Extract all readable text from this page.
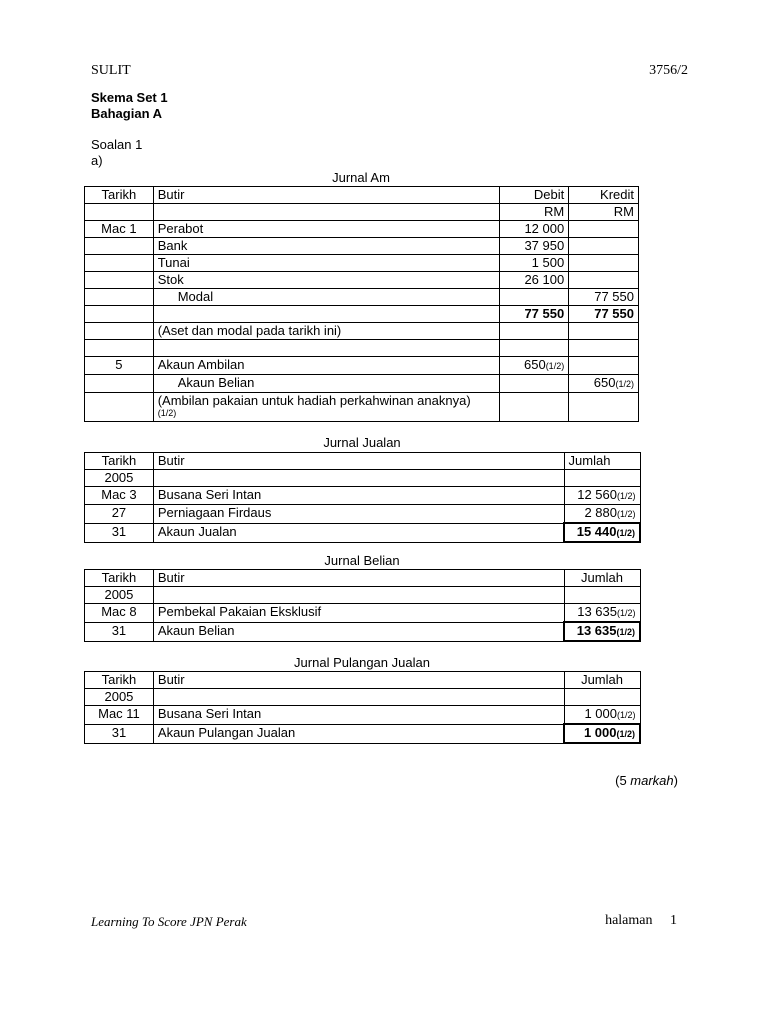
SULIT	3756/2
Skema Set 1
Bahagian A
Soalan 1
a)
Jurnal Am
Tarikh	Butir	Debit	Kredit
		RM	RM
Mac 1	Perabot	12 000	
	Bank	37 950	
	Tunai	1 500	
	Stok	26 100	
	Modal		77 550
		77 550	77 550
	(Aset dan modal pada tarikh ini)		

5	Akaun Ambilan	650(1/2)	
	Akaun Belian		650(1/2)
	(Ambilan pakaian untuk hadiah perkahwinan anaknya)
(1/2)		

Jurnal Jualan
Tarikh	Butir	Jumlah
2005		
Mac 3	Busana Seri Intan	12 560(1/2)
27	Perniagaan Firdaus	2 880(1/2)
31	Akaun Jualan	15 440(1/2)
Jurnal Belian
Tarikh	Butir	Jumlah
2005		
Mac 8	Pembekal Pakaian Eksklusif	13 635(1/2)
31	Akaun Belian	13 635(1/2)
Jurnal Pulangan Jualan
Tarikh	Butir	Jumlah
2005		
Mac 11	Busana Seri Intan	1 000(1/2)
31	Akaun Pulangan Jualan	1 000(1/2)
(5 markah)
Learning To Score JPN Perak	halaman     1
